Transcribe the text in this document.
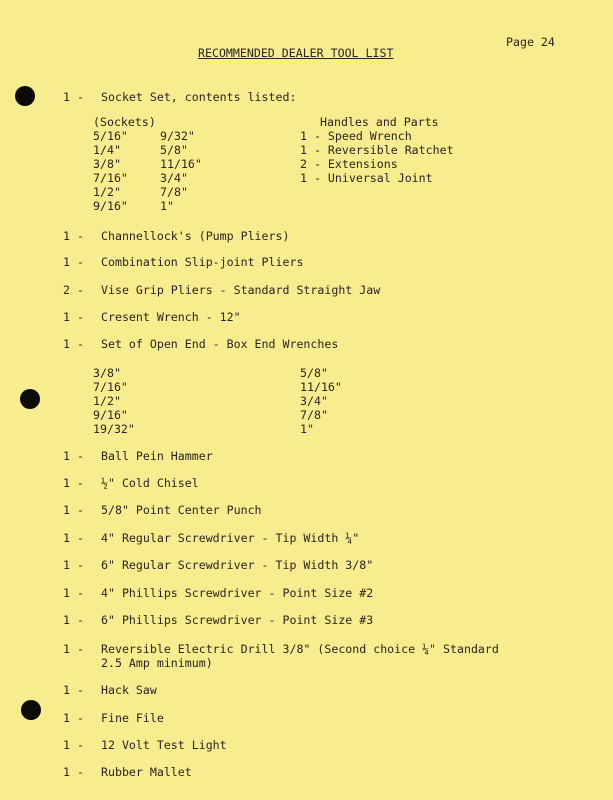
Page 24
RECOMMENDED DEALER TOOL LIST
1 - Socket Set, contents listed:
(Sockets)	Handles and Parts
5/16"
1/4"
3/8"
7/16"
1/2"
9/16"
9/32"
5/8"
11/16"
3/4"
7/8"
1"
1 - Speed Wrench
1 - Reversible Ratchet
2 - Extensions
1 - Universal Joint
1 - Channellock's (Pump Pliers)
1 - Combination Slip-joint Pliers
2 - Vise Grip Pliers - Standard Straight Jaw
1 - Cresent Wrench - 12"
1 - Set of Open End - Box End Wrenches
3/8"
7/16"
1/2"
9/16"
19/32"
5/8"
11/16"
3/4"
7/8"
1"
1 - Ball Pein Hammer
1 - ½" Cold Chisel
1 - 5/8" Point Center Punch
1 - 4" Regular Screwdriver - Tip Width ¼"
1 - 6" Regular Screwdriver - Tip Width 3/8"
1 - 4" Phillips Screwdriver - Point Size #2
1 - 6" Phillips Screwdriver - Point Size #3
1 - Reversible Electric Drill 3/8" (Second choice ¼" Standard
2.5 Amp minimum)
1 - Hack Saw
1 - Fine File
1 - 12 Volt Test Light
1 - Rubber Mallet
